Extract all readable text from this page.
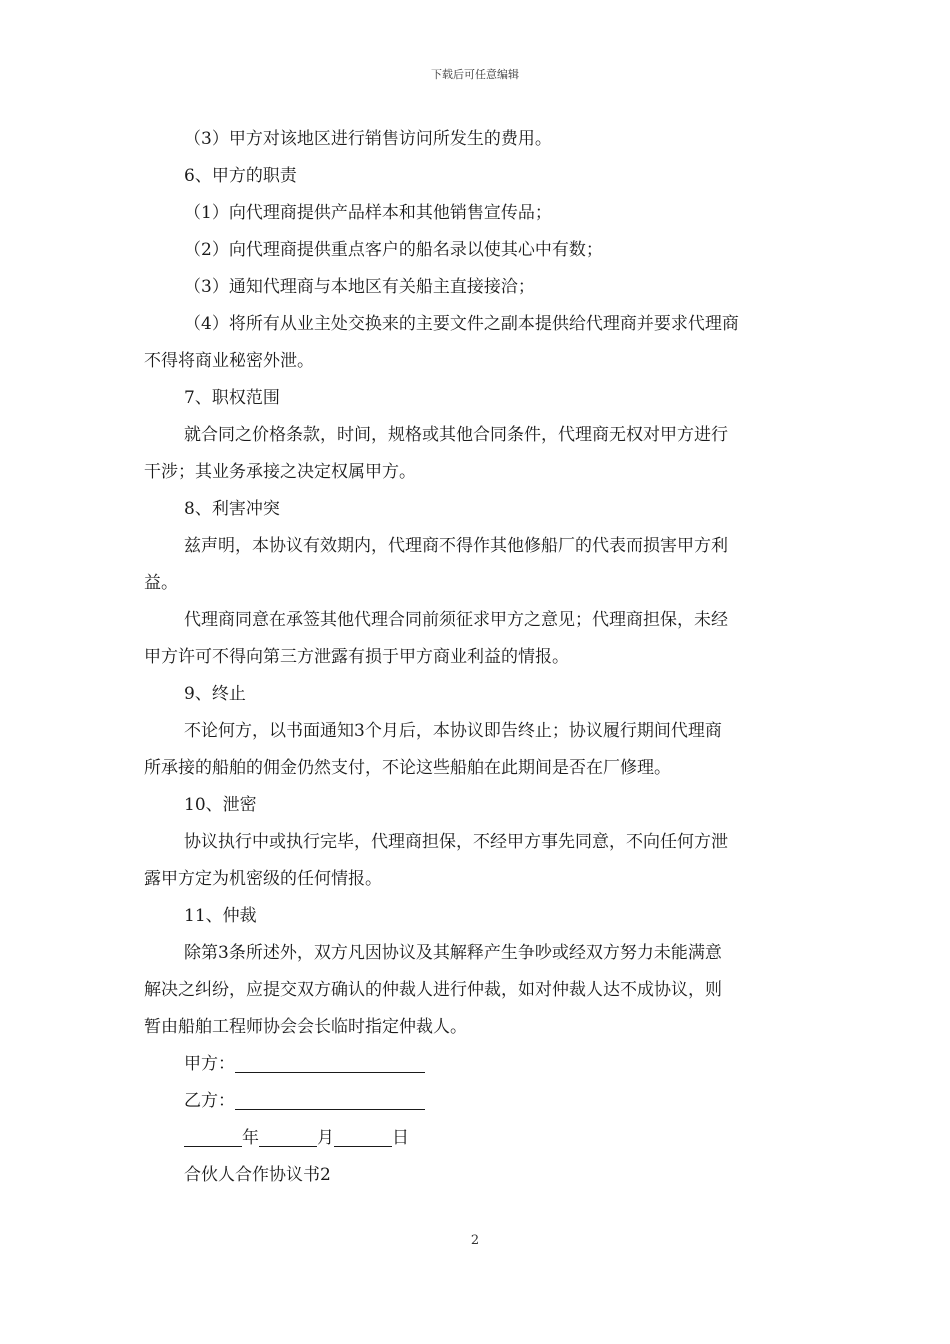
下载后可任意编辑
（3）甲方对该地区进行销售访问所发生的费用。
6、甲方的职责
（1）向代理商提供产品样本和其他销售宣传品；
（2）向代理商提供重点客户的船名录以使其心中有数；
（3）通知代理商与本地区有关船主直接接洽；
（4）将所有从业主处交换来的主要文件之副本提供给代理商并要求代理商
不得将商业秘密外泄。
7、职权范围
就合同之价格条款，时间，规格或其他合同条件，代理商无权对甲方进行
干涉；其业务承接之决定权属甲方。
8、利害冲突
兹声明，本协议有效期内，代理商不得作其他修船厂的代表而损害甲方利
益。
代理商同意在承签其他代理合同前须征求甲方之意见；代理商担保，未经
甲方许可不得向第三方泄露有损于甲方商业利益的情报。
9、终止
不论何方，以书面通知3个月后，本协议即告终止；协议履行期间代理商
所承接的船舶的佣金仍然支付，不论这些船舶在此期间是否在厂修理。
10、泄密
协议执行中或执行完毕，代理商担保，不经甲方事先同意，不向任何方泄
露甲方定为机密级的任何情报。
11、仲裁
除第3条所述外，双方凡因协议及其解释产生争吵或经双方努力未能满意
解决之纠纷，应提交双方确认的仲裁人进行仲裁，如对仲裁人达不成协议，则
暂由船舶工程师协会会长临时指定仲裁人。
甲方：
乙方：
年	月	日
合伙人合作协议书2
2
